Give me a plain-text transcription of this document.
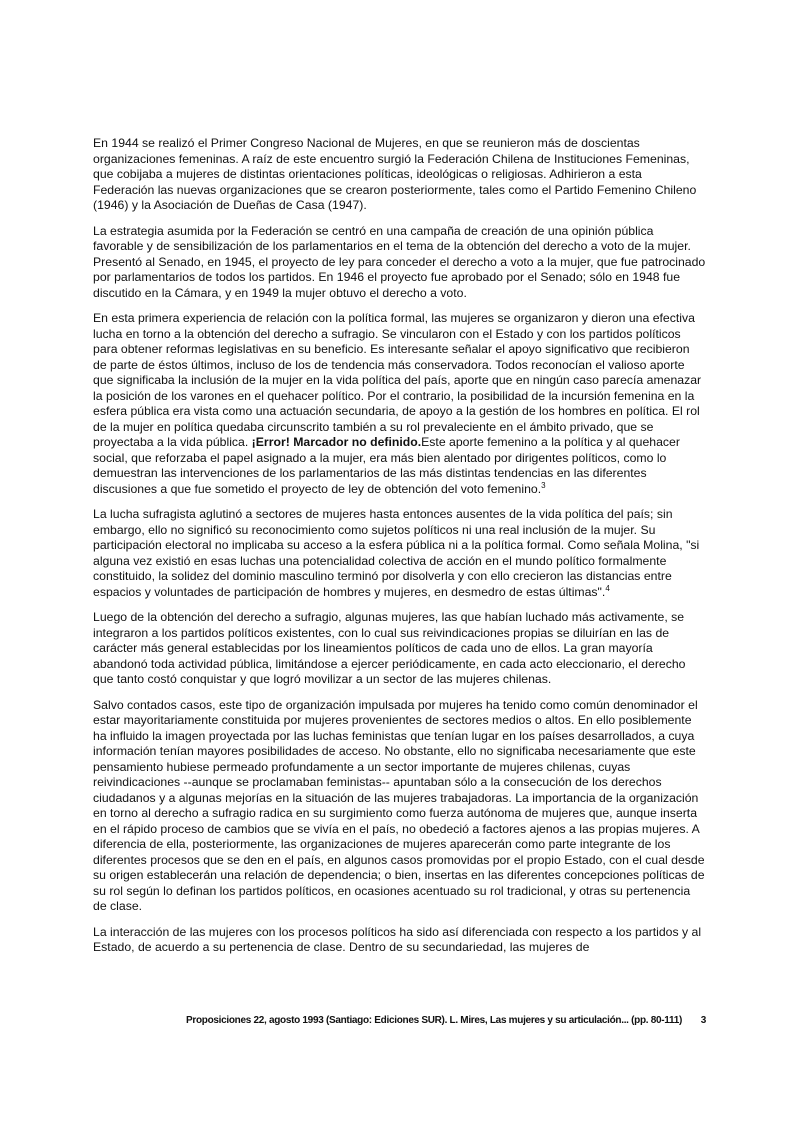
En 1944 se realizó el Primer Congreso Nacional de Mujeres, en que se reunieron más de doscientas organizaciones femeninas. A raíz de este encuentro surgió la Federación Chilena de Instituciones Femeninas, que cobijaba a mujeres de distintas orientaciones políticas, ideológicas o religiosas. Adhirieron a esta Federación las nuevas organizaciones que se crearon posteriormente, tales como el Partido Femenino Chileno (1946) y la Asociación de Dueñas de Casa (1947).

La estrategia asumida por la Federación se centró en una campaña de creación de una opinión pública favorable y de sensibilización de los parlamentarios en el tema de la obtención del derecho a voto de la mujer. Presentó al Senado, en 1945, el proyecto de ley para conceder el derecho a voto a la mujer, que fue patrocinado por parlamentarios de todos los partidos. En 1946 el proyecto fue aprobado por el Senado; sólo en 1948 fue discutido en la Cámara, y en 1949 la mujer obtuvo el derecho a voto.

En esta primera experiencia de relación con la política formal, las mujeres se organizaron y dieron una efectiva lucha en torno a la obtención del derecho a sufragio. Se vincularon con el Estado y con los partidos políticos para obtener reformas legislativas en su beneficio. Es interesante señalar el apoyo significativo que recibieron de parte de éstos últimos, incluso de los de tendencia más conservadora. Todos reconocían el valioso aporte que significaba la inclusión de la mujer en la vida política del país, aporte que en ningún caso parecía amenazar la posición de los varones en el quehacer político. Por el contrario, la posibilidad de la incursión femenina en la esfera pública era vista como una actuación secundaria, de apoyo a la gestión de los hombres en política. El rol de la mujer en política quedaba circunscrito también a su rol prevaleciente en el ámbito privado, que se proyectaba a la vida pública. ¡Error! Marcador no definido.Este aporte femenino a la política y al quehacer social, que reforzaba el papel asignado a la mujer, era más bien alentado por dirigentes políticos, como lo demuestran las intervenciones de los parlamentarios de las más distintas tendencias en las diferentes discusiones a que fue sometido el proyecto de ley de obtención del voto femenino.$^3$

La lucha sufragista aglutinó a sectores de mujeres hasta entonces ausentes de la vida política del país; sin embargo, ello no significó su reconocimiento como sujetos políticos ni una real inclusión de la mujer. Su participación electoral no implicaba su acceso a la esfera pública ni a la política formal. Como señala Molina, "si alguna vez existió en esas luchas una potencialidad colectiva de acción en el mundo político formalmente constituido, la solidez del dominio masculino terminó por disolverla y con ello crecieron las distancias entre espacios y voluntades de participación de hombres y mujeres, en desmedro de estas últimas".$^4$

Luego de la obtención del derecho a sufragio, algunas mujeres, las que habían luchado más activamente, se integraron a los partidos políticos existentes, con lo cual sus reivindicaciones propias se diluirían en las de carácter más general establecidas por los lineamientos políticos de cada uno de ellos. La gran mayoría abandonó toda actividad pública, limitándose a ejercer periódicamente, en cada acto eleccionario, el derecho que tanto costó conquistar y que logró movilizar a un sector de las mujeres chilenas.

Salvo contados casos, este tipo de organización impulsada por mujeres ha tenido como común denominador el estar mayoritariamente constituida por mujeres provenientes de sectores medios o altos. En ello posiblemente ha influido la imagen proyectada por las luchas feministas que tenían lugar en los países desarrollados, a cuya información tenían mayores posibilidades de acceso. No obstante, ello no significaba necesariamente que este pensamiento hubiese permeado profundamente a un sector importante de mujeres chilenas, cuyas reivindicaciones --aunque se proclamaban feministas-- apuntaban sólo a la consecución de los derechos ciudadanos y a algunas mejorías en la situación de las mujeres trabajadoras. La importancia de la organización en torno al derecho a sufragio radica en su surgimiento como fuerza autónoma de mujeres que, aunque inserta en el rápido proceso de cambios que se vivía en el país, no obedeció a factores ajenos a las propias mujeres. A diferencia de ella, posteriormente, las organizaciones de mujeres aparecerán como parte integrante de los diferentes procesos que se den en el país, en algunos casos promovidas por el propio Estado, con el cual desde su origen establecerán una relación de dependencia; o bien, insertas en las diferentes concepciones políticas de su rol según lo definan los partidos políticos, en ocasiones acentuado su rol tradicional, y otras su pertenencia de clase.

La interacción de las mujeres con los procesos políticos ha sido así diferenciada con respecto a los partidos y al Estado, de acuerdo a su pertenencia de clase. Dentro de su secundariedad, las mujeres de

Proposiciones 22, agosto 1993 (Santiago: Ediciones SUR). L. Mires, Las mujeres y su articulación... (pp. 80-111) 3
